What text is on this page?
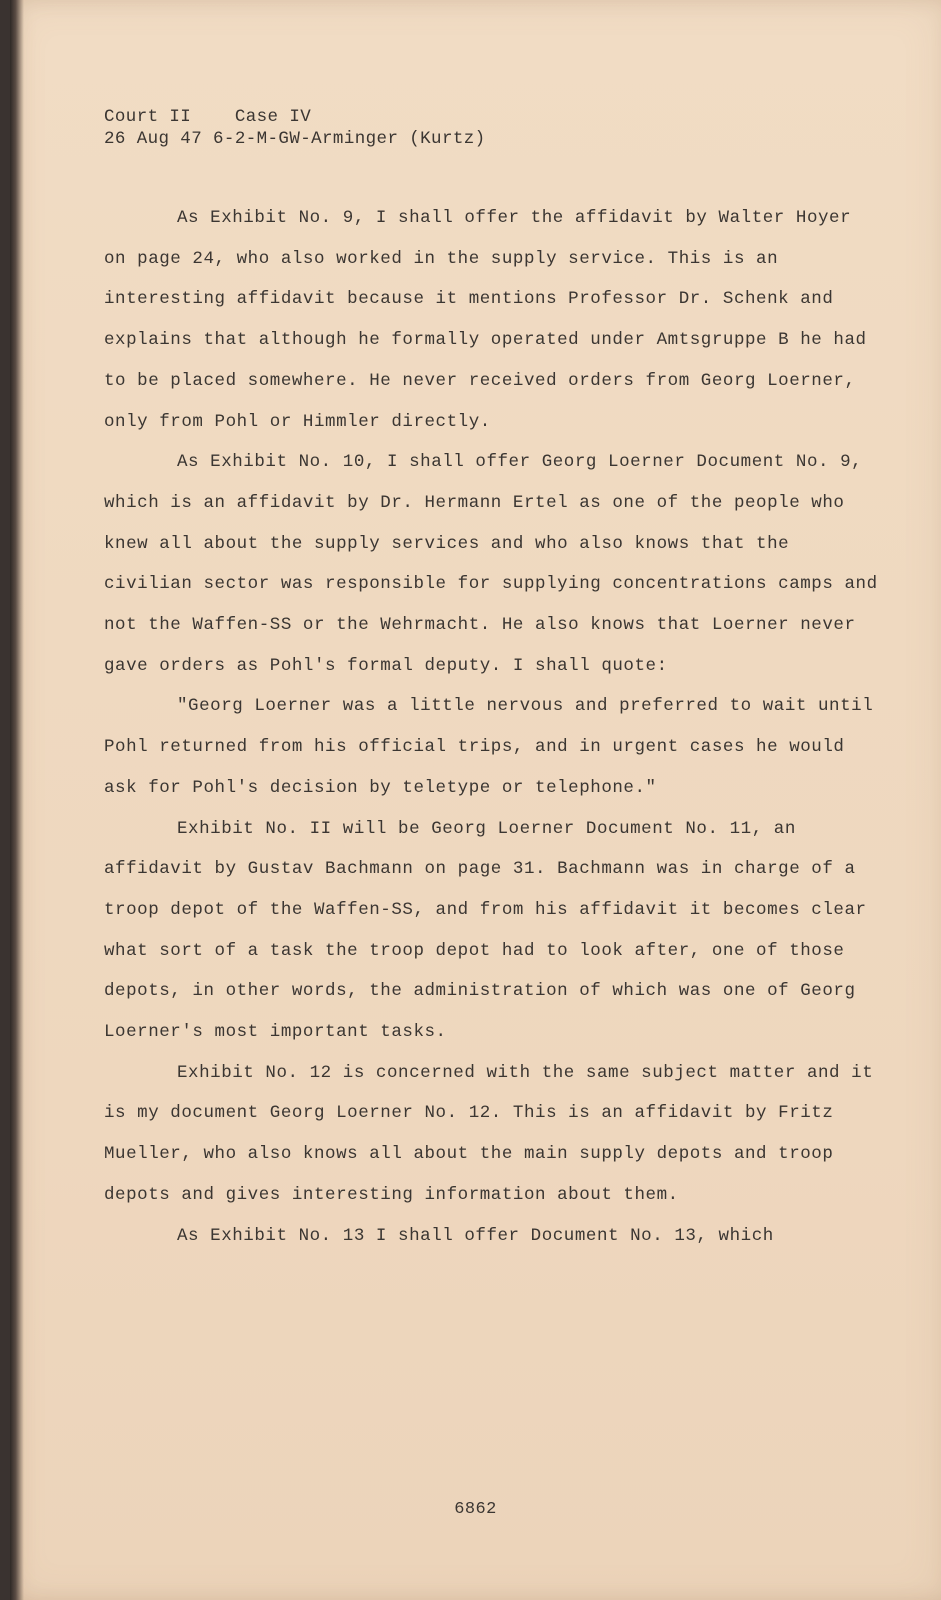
Court II    Case IV
26 Aug 47 6-2-M-GW-Arminger (Kurtz)

As Exhibit No. 9, I shall offer the affidavit by Walter Hoyer on page 24, who also worked in the supply service. This is an interesting affidavit because it mentions Professor Dr. Schenk and explains that although he formally operated under Amtsgruppe B he had to be placed somewhere. He never received orders from Georg Loerner, only from Pohl or Himmler directly.

As Exhibit No. 10, I shall offer Georg Loerner Document No. 9, which is an affidavit by Dr. Hermann Ertel as one of the people who knew all about the supply services and who also knows that the civilian sector was responsible for supplying concentrations camps and not the Waffen-SS or the Wehrmacht. He also knows that Loerner never gave orders as Pohl's formal deputy. I shall quote:

"Georg Loerner was a little nervous and preferred to wait until Pohl returned from his official trips, and in urgent cases he would ask for Pohl's decision by teletype or telephone."

Exhibit No. II will be Georg Loerner Document No. 11, an affidavit by Gustav Bachmann on page 31. Bachmann was in charge of a troop depot of the Waffen-SS, and from his affidavit it becomes clear what sort of a task the troop depot had to look after, one of those depots, in other words, the administration of which was one of Georg Loerner's most important tasks.

Exhibit No. 12 is concerned with the same subject matter and it is my document Georg Loerner No. 12. This is an affidavit by Fritz Mueller, who also knows all about the main supply depots and troop depots and gives interesting information about them.

As Exhibit No. 13 I shall offer Document No. 13, which

6862
